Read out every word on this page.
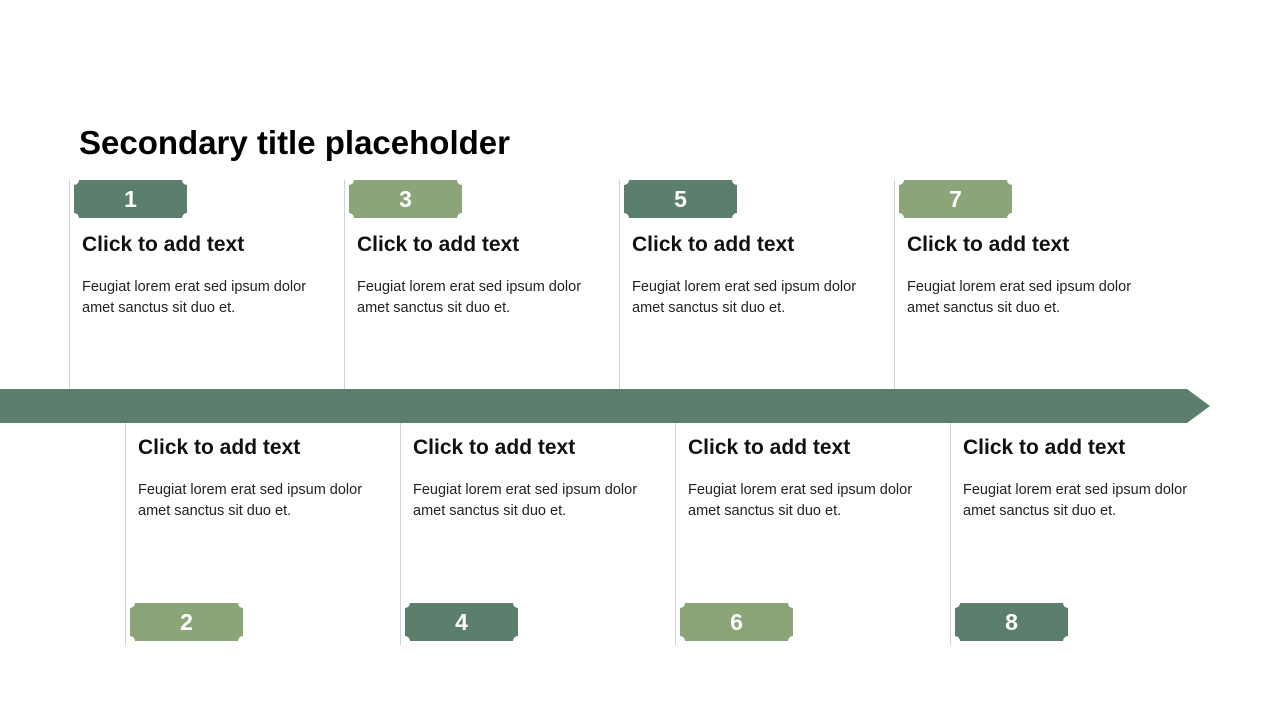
Secondary title placeholder
1
Click to add text
Feugiat lorem erat sed ipsum dolor amet sanctus sit duo et.
2
Click to add text
Feugiat lorem erat sed ipsum dolor amet sanctus sit duo et.
3
Click to add text
Feugiat lorem erat sed ipsum dolor amet sanctus sit duo et.
4
Click to add text
Feugiat lorem erat sed ipsum dolor amet sanctus sit duo et.
5
Click to add text
Feugiat lorem erat sed ipsum dolor amet sanctus sit duo et.
6
Click to add text
Feugiat lorem erat sed ipsum dolor amet sanctus sit duo et.
7
Click to add text
Feugiat lorem erat sed ipsum dolor amet sanctus sit duo et.
8
Click to add text
Feugiat lorem erat sed ipsum dolor amet sanctus sit duo et.
